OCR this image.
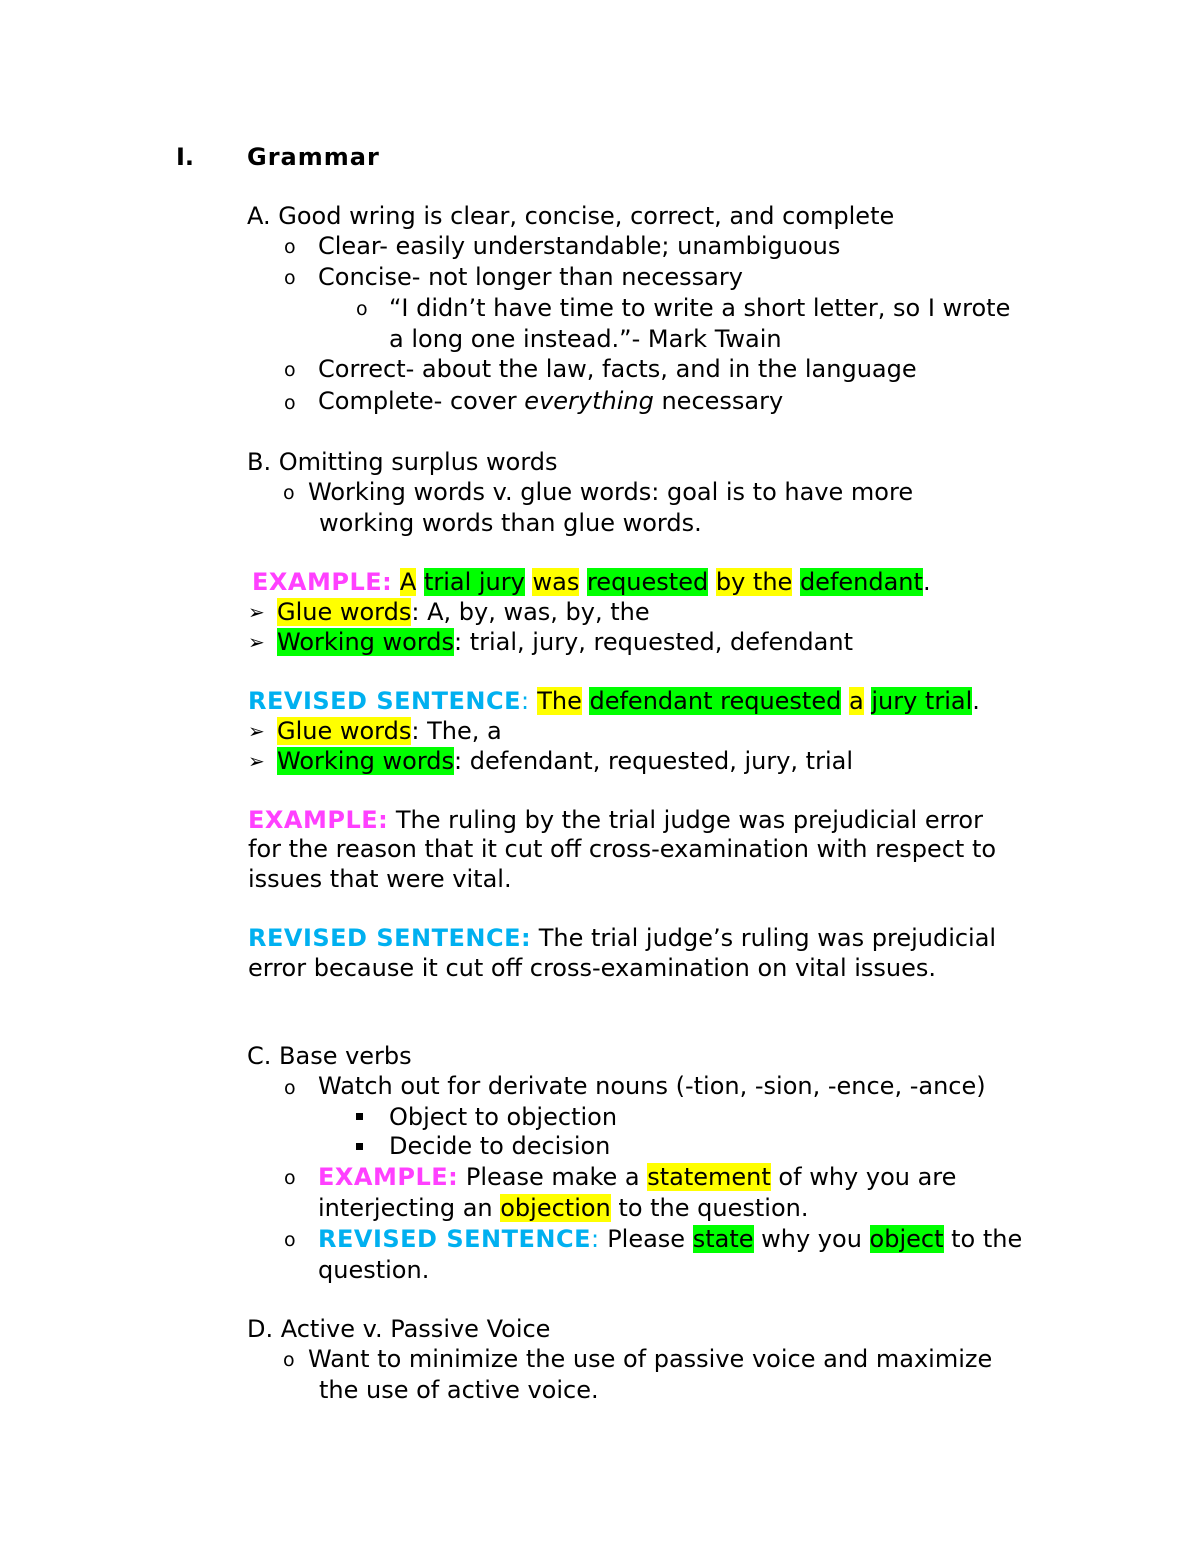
I. Grammar
A. Good wring is clear, concise, correct, and complete
o Clear- easily understandable; unambiguous
o Concise- not longer than necessary
o “I didn’t have time to write a short letter, so I wrote
a long one instead.”- Mark Twain
o Correct- about the law, facts, and in the language
o Complete- cover everything necessary
B. Omitting surplus words
o Working words v. glue words: goal is to have more
working words than glue words.
EXAMPLE: A trial jury was requested by the defendant.
➢ Glue words: A, by, was, by, the
➢ Working words: trial, jury, requested, defendant
REVISED SENTENCE: The defendant requested a jury trial.
➢ Glue words: The, a
➢ Working words: defendant, requested, jury, trial
EXAMPLE: The ruling by the trial judge was prejudicial error
for the reason that it cut off cross-examination with respect to
issues that were vital.
REVISED SENTENCE: The trial judge’s ruling was prejudicial
error because it cut off cross-examination on vital issues.
C. Base verbs
o Watch out for derivate nouns (-tion, -sion, -ence, -ance)
Object to objection
Decide to decision
o EXAMPLE: Please make a statement of why you are
interjecting an objection to the question.
o REVISED SENTENCE: Please state why you object to the
question.
D. Active v. Passive Voice
o Want to minimize the use of passive voice and maximize
the use of active voice.
